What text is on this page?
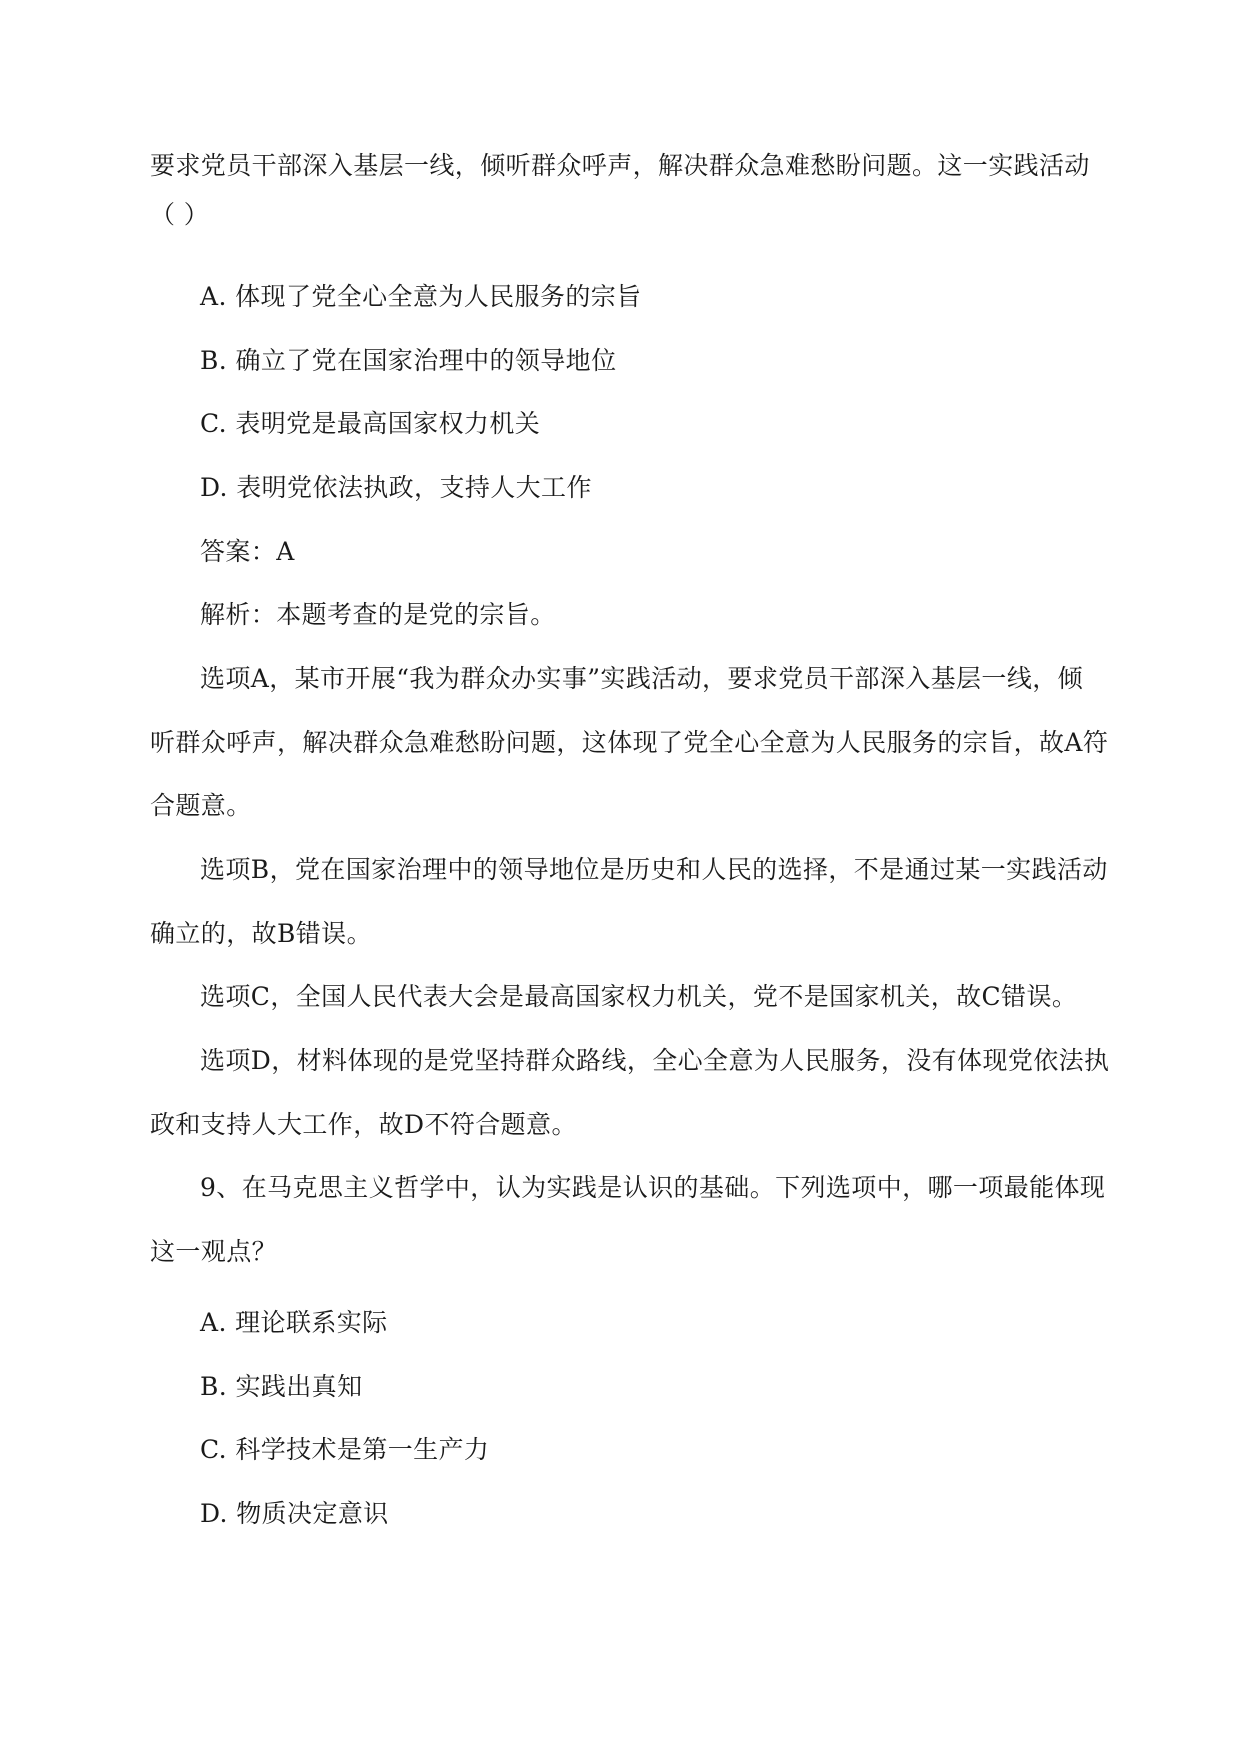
要求党员干部深入基层一线，倾听群众呼声，解决群众急难愁盼问题。这一实践活动
（ ）
A. 体现了党全心全意为人民服务的宗旨
B. 确立了党在国家治理中的领导地位
C. 表明党是最高国家权力机关
D. 表明党依法执政，支持人大工作
答案：A
解析：本题考查的是党的宗旨。
选项A，某市开展“我为群众办实事”实践活动，要求党员干部深入基层一线，倾
听群众呼声，解决群众急难愁盼问题，这体现了党全心全意为人民服务的宗旨，故A符
合题意。
选项B，党在国家治理中的领导地位是历史和人民的选择，不是通过某一实践活动
确立的，故B错误。
选项C，全国人民代表大会是最高国家权力机关，党不是国家机关，故C错误。
选项D，材料体现的是党坚持群众路线，全心全意为人民服务，没有体现党依法执
政和支持人大工作，故D不符合题意。
9、在马克思主义哲学中，认为实践是认识的基础。下列选项中，哪一项最能体现
这一观点？
A. 理论联系实际
B. 实践出真知
C. 科学技术是第一生产力
D. 物质决定意识
